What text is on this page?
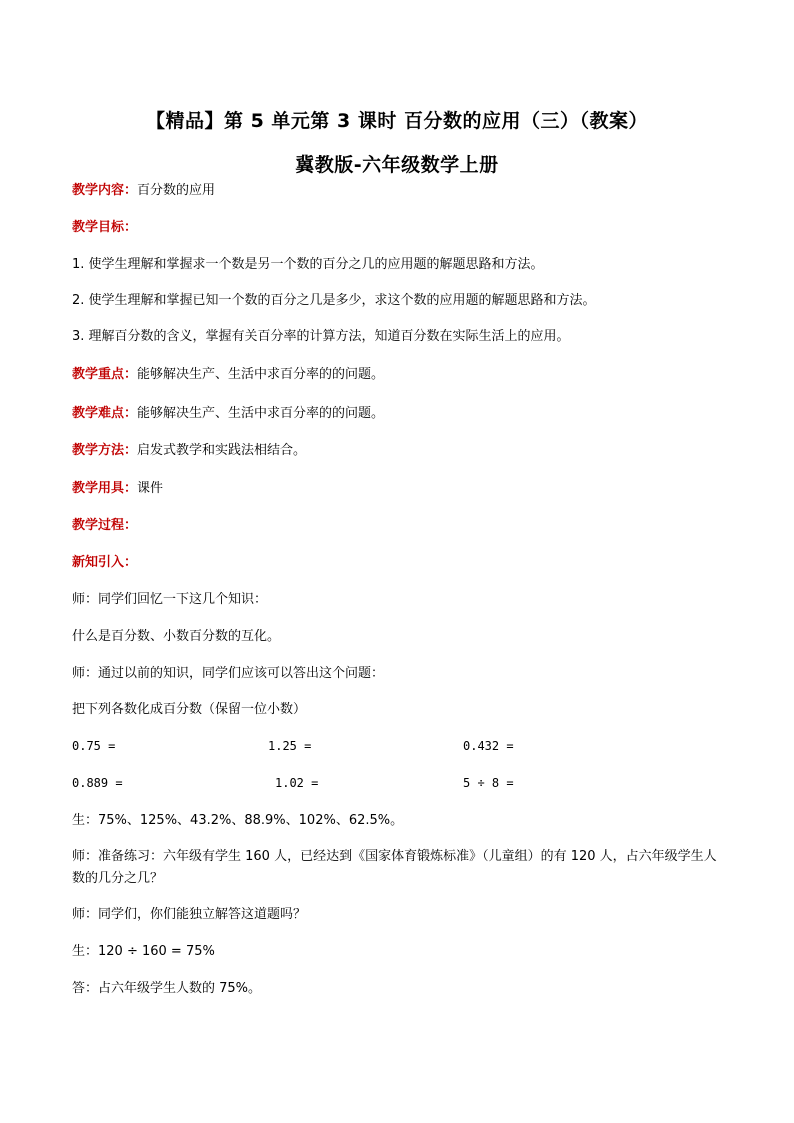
【精品】第 5 单元第 3 课时 百分数的应用（三）（教案）
冀教版-六年级数学上册
教学内容：百分数的应用
教学目标：
1. 使学生理解和掌握求一个数是另一个数的百分之几的应用题的解题思路和方法。
2. 使学生理解和掌握已知一个数的百分之几是多少，求这个数的应用题的解题思路和方法。
3. 理解百分数的含义，掌握有关百分率的计算方法，知道百分数在实际生活上的应用。
教学重点：能够解决生产、生活中求百分率的的问题。
教学难点：能够解决生产、生活中求百分率的的问题。
教学方法：启发式教学和实践法相结合。
教学用具：课件
教学过程：
新知引入：
师：同学们回忆一下这几个知识：
什么是百分数、小数百分数的互化。
师：通过以前的知识，同学们应该可以答出这个问题：
把下列各数化成百分数（保留一位小数）
0.75 =	1.25 =	0.432 =
0.889 =	1.02 =	5 ÷ 8 =
生：75%、125%、43.2%、88.9%、102%、62.5%。
师：准备练习：六年级有学生 160 人，已经达到《国家体育锻炼标准》（儿童组）的有 120 人，占六年级学生人数的几分之几？
师：同学们，你们能独立解答这道题吗？
生：120 ÷ 160 = 75%
答：占六年级学生人数的 75%。
